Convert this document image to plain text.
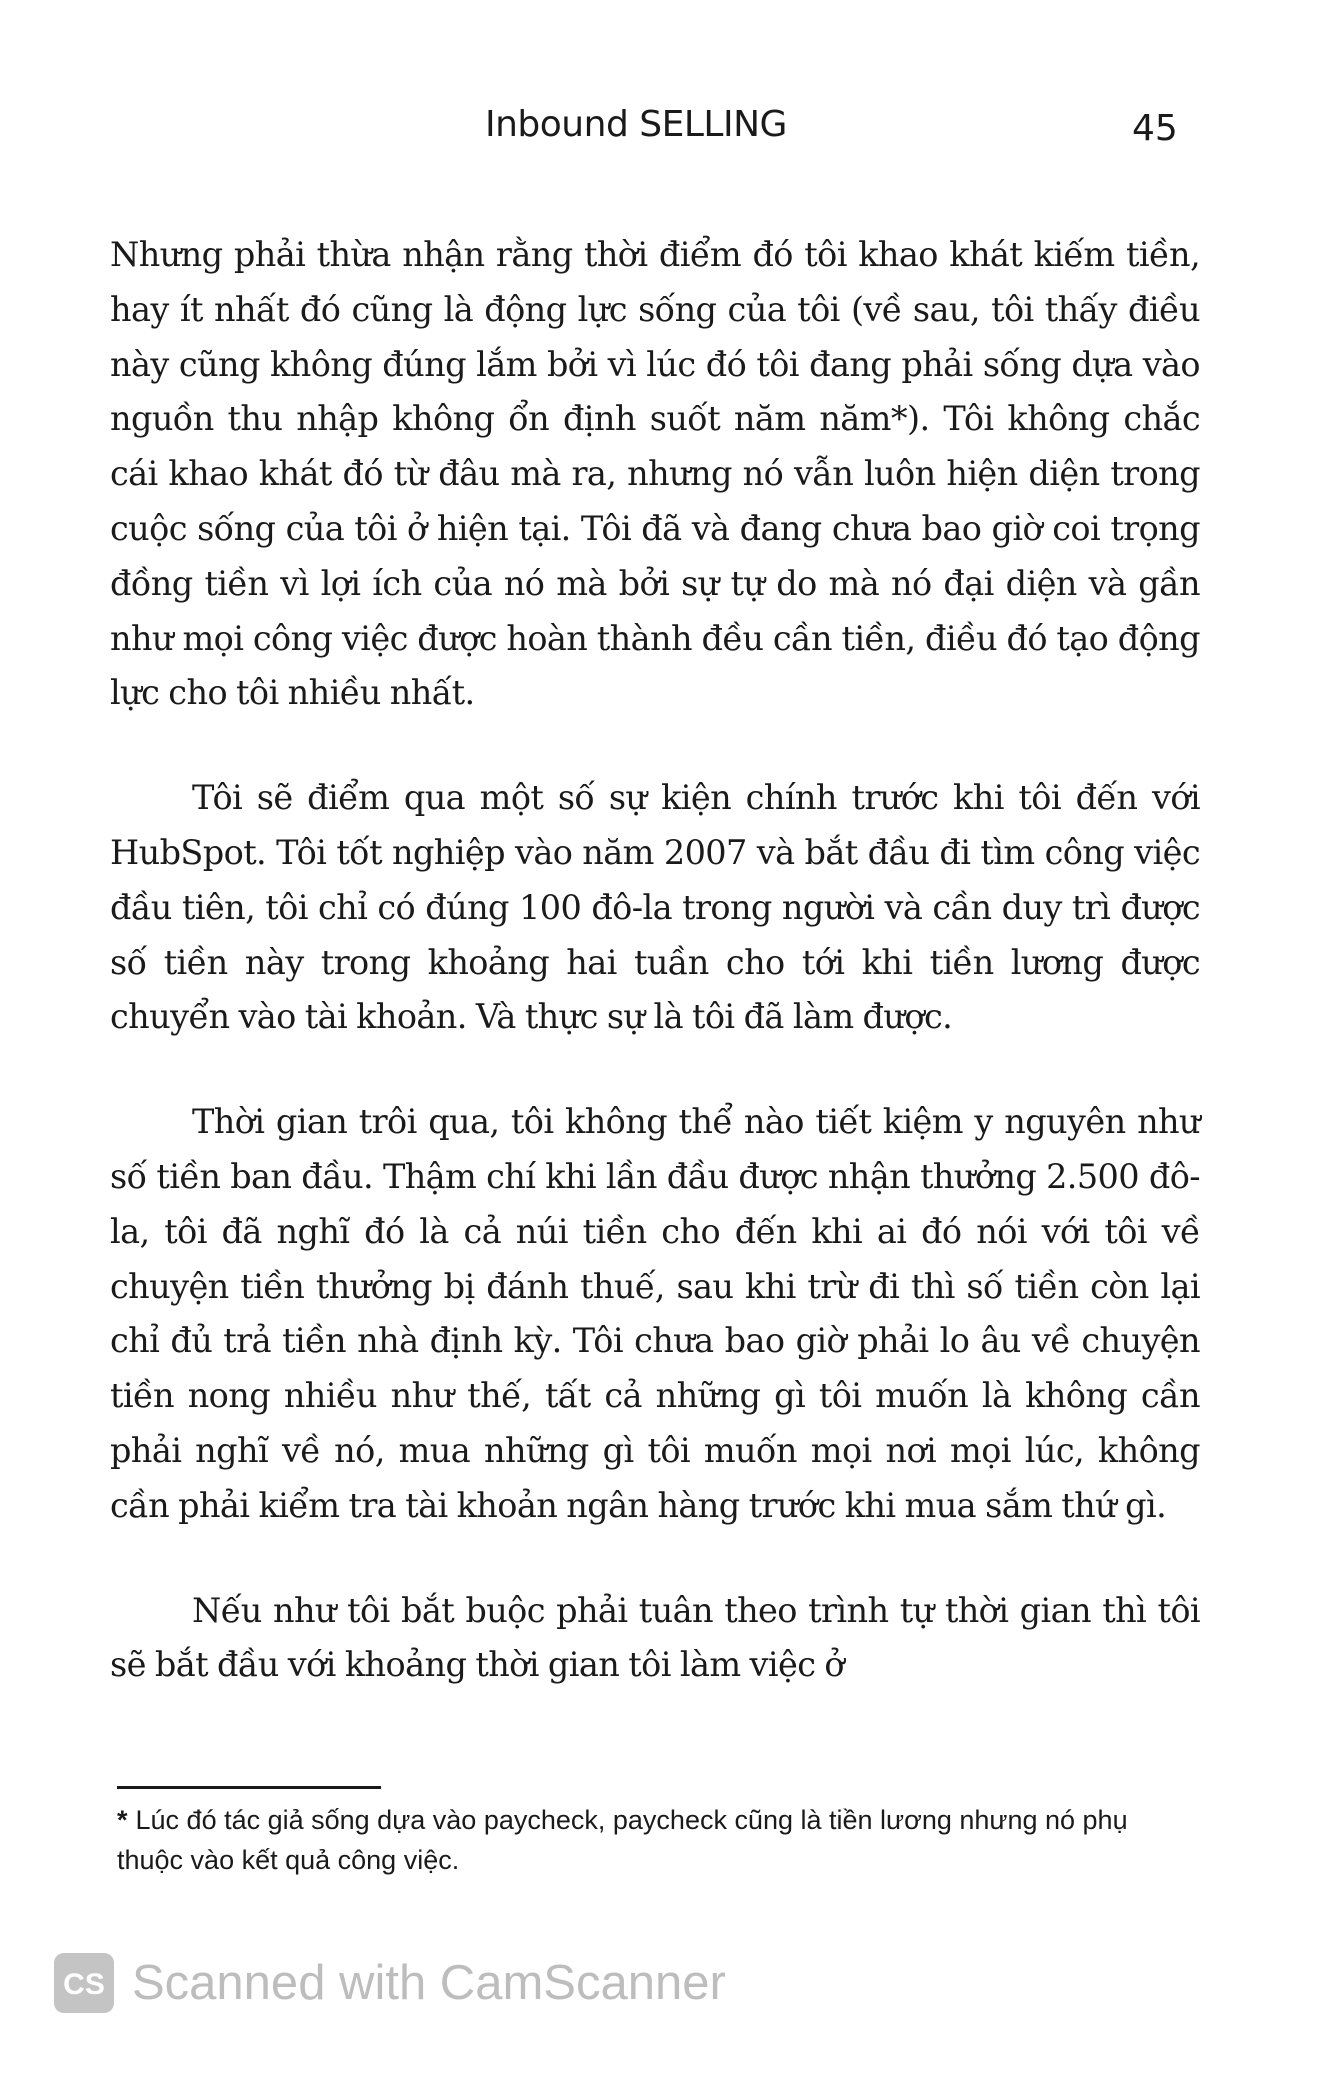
Inbound SELLING	45

Nhưng phải thừa nhận rằng thời điểm đó tôi khao khát kiếm tiền, hay ít nhất đó cũng là động lực sống của tôi (về sau, tôi thấy điều này cũng không đúng lắm bởi vì lúc đó tôi đang phải sống dựa vào nguồn thu nhập không ổn định suốt năm năm*). Tôi không chắc cái khao khát đó từ đâu mà ra, nhưng nó vẫn luôn hiện diện trong cuộc sống của tôi ở hiện tại. Tôi đã và đang chưa bao giờ coi trọng đồng tiền vì lợi ích của nó mà bởi sự tự do mà nó đại diện và gần như mọi công việc được hoàn thành đều cần tiền, điều đó tạo động lực cho tôi nhiều nhất.

Tôi sẽ điểm qua một số sự kiện chính trước khi tôi đến với HubSpot. Tôi tốt nghiệp vào năm 2007 và bắt đầu đi tìm công việc đầu tiên, tôi chỉ có đúng 100 đô-la trong người và cần duy trì được số tiền này trong khoảng hai tuần cho tới khi tiền lương được chuyển vào tài khoản. Và thực sự là tôi đã làm được.

Thời gian trôi qua, tôi không thể nào tiết kiệm y nguyên như số tiền ban đầu. Thậm chí khi lần đầu được nhận thưởng 2.500 đô-la, tôi đã nghĩ đó là cả núi tiền cho đến khi ai đó nói với tôi về chuyện tiền thưởng bị đánh thuế, sau khi trừ đi thì số tiền còn lại chỉ đủ trả tiền nhà định kỳ. Tôi chưa bao giờ phải lo âu về chuyện tiền nong nhiều như thế, tất cả những gì tôi muốn là không cần phải nghĩ về nó, mua những gì tôi muốn mọi nơi mọi lúc, không cần phải kiểm tra tài khoản ngân hàng trước khi mua sắm thứ gì.

Nếu như tôi bắt buộc phải tuân theo trình tự thời gian thì tôi sẽ bắt đầu với khoảng thời gian tôi làm việc ở

* Lúc đó tác giả sống dựa vào paycheck, paycheck cũng là tiền lương nhưng nó phụ thuộc vào kết quả công việc.
CS Scanned with CamScanner
